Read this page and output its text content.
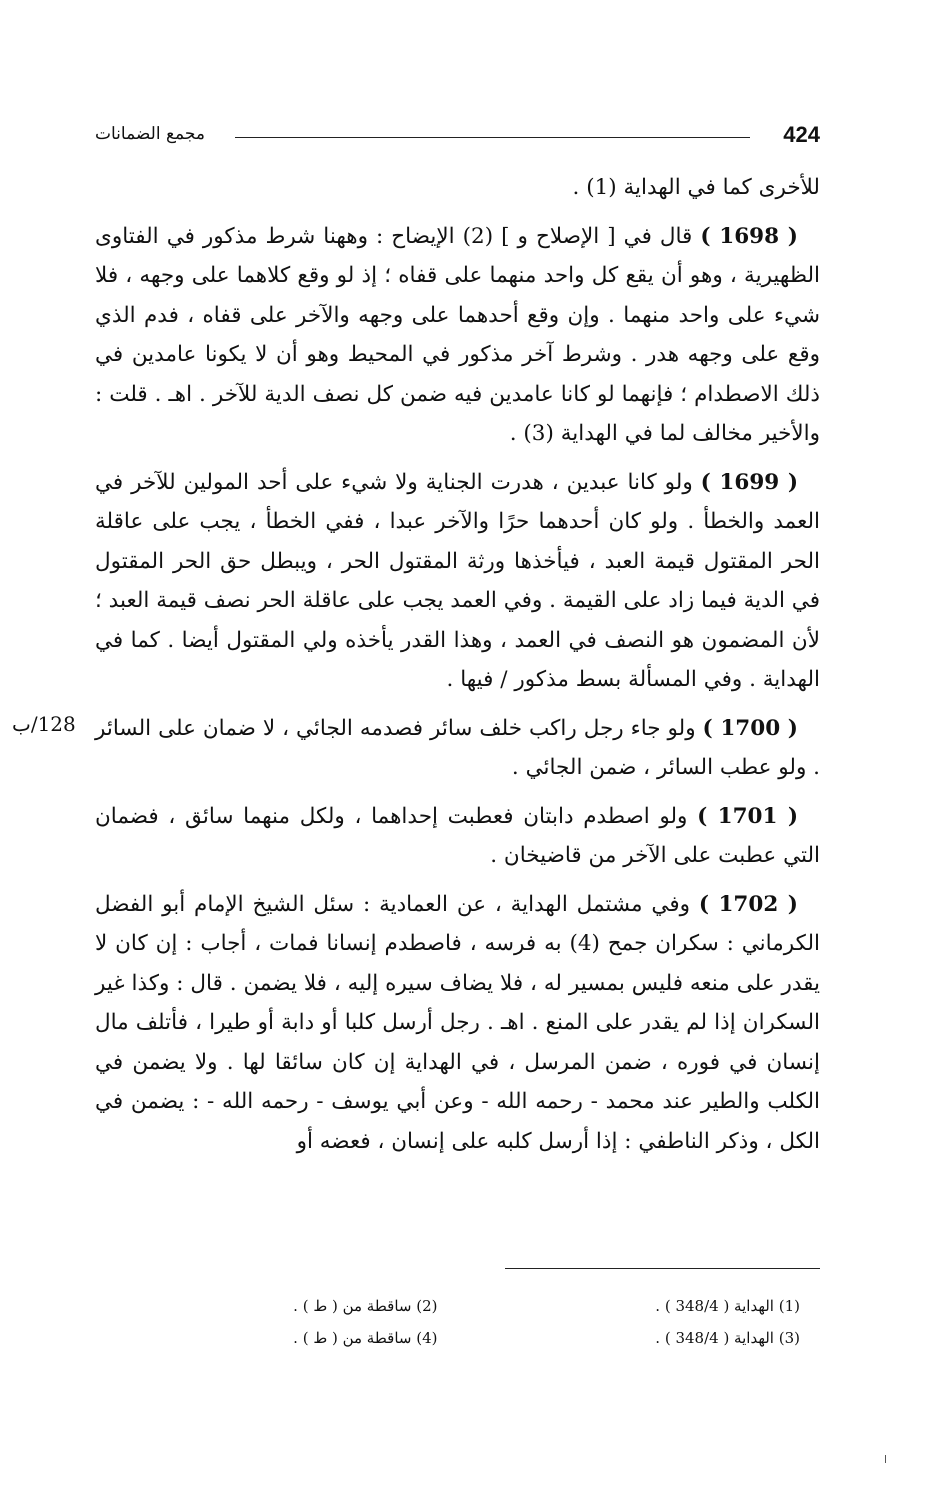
424
مجمع الضمانات

للأخرى كما في الهداية (1) .

( 1698 ) قال في [ الإصلاح و ] (2) الإيضاح : وههنا شرط مذكور في الفتاوى الظهيرية ، وهو أن يقع كل واحد منهما على قفاه ؛ إذ لو وقع كلاهما على وجهه ، فلا شيء على واحد منهما . وإن وقع أحدهما على وجهه والآخر على قفاه ، فدم الذي وقع على وجهه هدر . وشرط آخر مذكور في المحيط وهو أن لا يكونا عامدين في ذلك الاصطدام ؛ فإنهما لو كانا عامدين فيه ضمن كل نصف الدية للآخر . اهـ . قلت : والأخير مخالف لما في الهداية (3) .

( 1699 ) ولو كانا عبدين ، هدرت الجناية ولا شيء على أحد المولين للآخر في العمد والخطأ . ولو كان أحدهما حرًا والآخر عبدا ، ففي الخطأ ، يجب على عاقلة الحر المقتول قيمة العبد ، فيأخذها ورثة المقتول الحر ، ويبطل حق الحر المقتول في الدية فيما زاد على القيمة . وفي العمد يجب على عاقلة الحر نصف قيمة العبد ؛ لأن المضمون هو النصف في العمد ، وهذا القدر يأخذه ولي المقتول أيضا . كما في الهداية . وفي المسألة بسط مذكور / فيها .

( 1700 ) ولو جاء رجل راكب خلف سائر فصدمه الجائي ، لا ضمان على السائر . ولو عطب السائر ، ضمن الجائي .

( 1701 ) ولو اصطدم دابتان فعطبت إحداهما ، ولكل منهما سائق ، فضمان التي عطبت على الآخر من قاضيخان .

( 1702 ) وفي مشتمل الهداية ، عن العمادية : سئل الشيخ الإمام أبو الفضل الكرماني : سكران جمح (4) به فرسه ، فاصطدم إنسانا فمات ، أجاب : إن كان لا يقدر على منعه فليس بمسير له ، فلا يضاف سيره إليه ، فلا يضمن . قال : وكذا غير السكران إذا لم يقدر على المنع . اهـ . رجل أرسل كلبا أو دابة أو طيرا ، فأتلف مال إنسان في فوره ، ضمن المرسل ، في الهداية إن كان سائقا لها . ولا يضمن في الكلب والطير عند محمد - رحمه الله - وعن أبي يوسف - رحمه الله - : يضمن في الكل ، وذكر الناطفي : إذا أرسل كلبه على إنسان ، فعضه أو

128/ب
(1) الهداية ( 348/4 ) .
(2) ساقطة من ( ط ) .
(3) الهداية ( 348/4 ) .
(4) ساقطة من ( ط ) .
